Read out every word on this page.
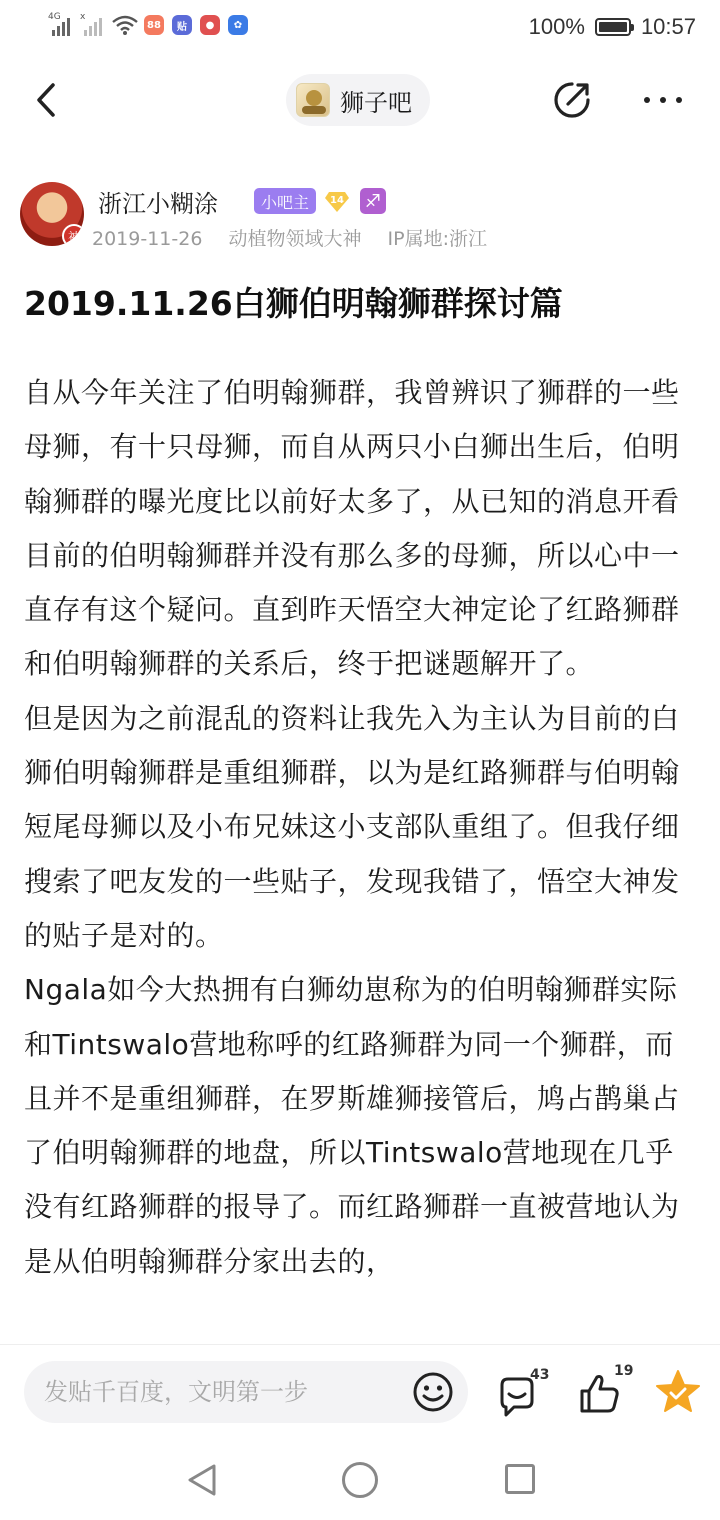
4G x
88	贴	●	✿	100%	10:57
狮子吧
神
浙江小糊涂	小吧主	14 ♐
2019-11-26 动植物领域大神 IP属地:浙江
2019.11.26白狮伯明翰狮群探讨篇

自从今年关注了伯明翰狮群，我曾辨识了狮群的一些母狮，有十只母狮，而自从两只小白狮出生后，伯明翰狮群的曝光度比以前好太多了，从已知的消息开看目前的伯明翰狮群并没有那么多的母狮，所以心中一直存有这个疑问。直到昨天悟空大神定论了红路狮群和伯明翰狮群的关系后，终于把谜题解开了。

但是因为之前混乱的资料让我先入为主认为目前的白狮伯明翰狮群是重组狮群，以为是红路狮群与伯明翰短尾母狮以及小布兄妹这小支部队重组了。但我仔细搜索了吧友发的一些贴子，发现我错了，悟空大神发的贴子是对的。

Ngala如今大热拥有白狮幼崽称为的伯明翰狮群实际和Tintswalo营地称呼的红路狮群为同一个狮群，而且并不是重组狮群，在罗斯雄狮接管后，鸠占鹊巢占了伯明翰狮群的地盘，所以Tintswalo营地现在几乎没有红路狮群的报导了。而红路狮群一直被营地认为是从伯明翰狮群分家出去的，

发贴千百度，文明第一步
43	19
